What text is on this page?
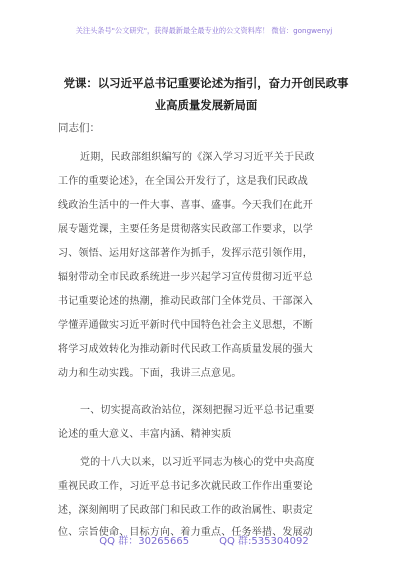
关注头条号"公文研究"，获得最新最全最专业的公文资料库！ 微信：gongwenyj
党课：以习近平总书记重要论述为指引，奋力开创民政事
业高质量发展新局面
同志们：
近期，民政部组织编写的《深入学习习近平关于民政
工作的重要论述》，在全国公开发行了，这是我们民政战
线政治生活中的一件大事、喜事、盛事。今天我们在此开
展专题党课，主要任务是贯彻落实民政部工作要求，以学
习、领悟、运用好这部著作为抓手，发挥示范引领作用，
辐射带动全市民政系统进一步兴起学习宣传贯彻习近平总
书记重要论述的热潮，推动民政部门全体党员、干部深入
学懂弄通做实习近平新时代中国特色社会主义思想，不断
将学习成效转化为推动新时代民政工作高质量发展的强大
动力和生动实践。下面，我讲三点意见。
一、切实提高政治站位，深刻把握习近平总书记重要
论述的重大意义、丰富内涵、精神实质
党的十八大以来，以习近平同志为核心的党中央高度
重视民政工作，习近平总书记多次就民政工作作出重要论
述，深刻阐明了民政部门和民政工作的政治属性、职责定
位、宗旨使命、目标方向、着力重点、任务举措、发展动
QQ 群：30265665	QQ 群:535304092
